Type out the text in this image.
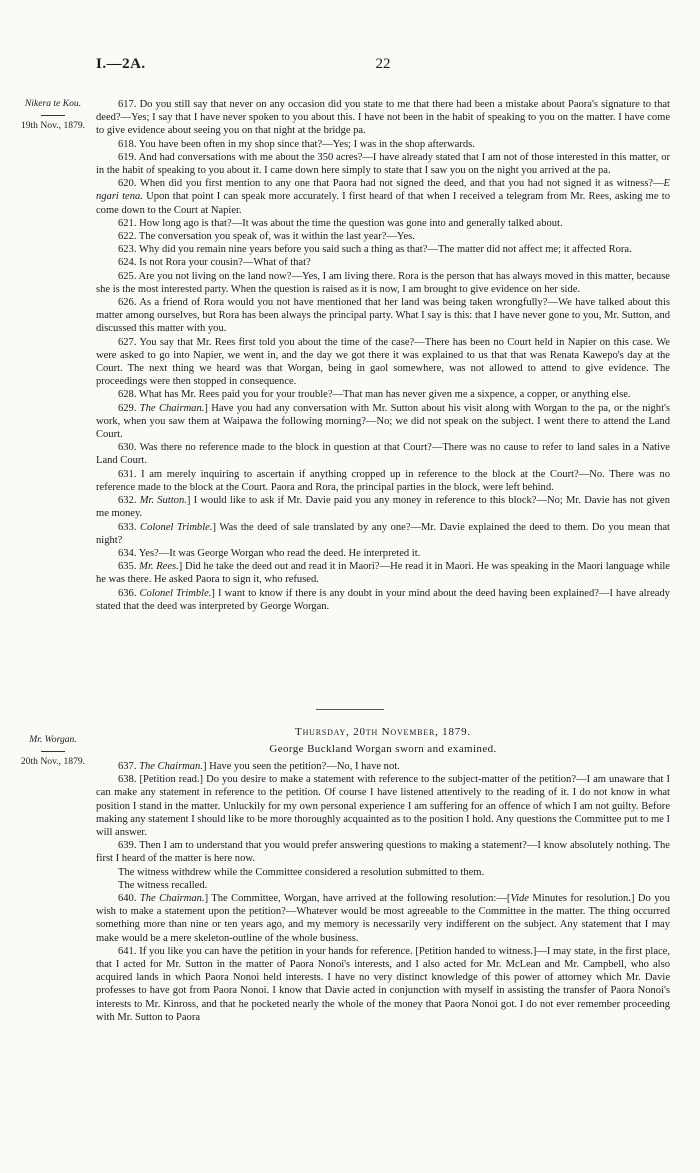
I.—2A.	22
Nikera te Kou.
19th Nov., 1879.

617. Do you still say that never on any occasion did you state to me that there had been a mistake about Paora's signature to that deed?—Yes; I say that I have never spoken to you about this. I have not been in the habit of speaking to you on the matter. I have come to give evidence about seeing you on that night at the bridge pa.

618. You have been often in my shop since that?—Yes; I was in the shop afterwards.

619. And had conversations with me about the 350 acres?—I have already stated that I am not of those interested in this matter, or in the habit of speaking to you about it. I came down here simply to state that I saw you on the night you arrived at the pa.

620. When did you first mention to any one that Paora had not signed the deed, and that you had not signed it as witness?—E ngari tena. Upon that point I can speak more accurately. I first heard of that when I received a telegram from Mr. Rees, asking me to come down to the Court at Napier.

621. How long ago is that?—It was about the time the question was gone into and generally talked about.

622. The conversation you speak of, was it within the last year?—Yes.

623. Why did you remain nine years before you said such a thing as that?—The matter did not affect me; it affected Rora.

624. Is not Rora your cousin?—What of that?

625. Are you not living on the land now?—Yes, I am living there. Rora is the person that has always moved in this matter, because she is the most interested party. When the question is raised as it is now, I am brought to give evidence on her side.

626. As a friend of Rora would you not have mentioned that her land was being taken wrongfully?—We have talked about this matter among ourselves, but Rora has been always the principal party. What I say is this: that I have never gone to you, Mr. Sutton, and discussed this matter with you.

627. You say that Mr. Rees first told you about the time of the case?—There has been no Court held in Napier on this case. We were asked to go into Napier, we went in, and the day we got there it was explained to us that that was Renata Kawepo's day at the Court. The next thing we heard was that Worgan, being in gaol somewhere, was not allowed to attend to give evidence. The proceedings were then stopped in consequence.

628. What has Mr. Rees paid you for your trouble?—That man has never given me a sixpence, a copper, or anything else.

629. The Chairman.] Have you had any conversation with Mr. Sutton about his visit along with Worgan to the pa, or the night's work, when you saw them at Waipawa the following morning?—No; we did not speak on the subject. I went there to attend the Land Court.

630. Was there no reference made to the block in question at that Court?—There was no cause to refer to land sales in a Native Land Court.

631. I am merely inquiring to ascertain if anything cropped up in reference to the block at the Court?—No. There was no reference made to the block at the Court. Paora and Rora, the principal parties in the block, were left behind.

632. Mr. Sutton.] I would like to ask if Mr. Davie paid you any money in reference to this block?—No; Mr. Davie has not given me money.

633. Colonel Trimble.] Was the deed of sale translated by any one?—Mr. Davie explained the deed to them. Do you mean that night?

634. Yes?—It was George Worgan who read the deed. He interpreted it.

635. Mr. Rees.] Did he take the deed out and read it in Maori?—He read it in Maori. He was speaking in the Maori language while he was there. He asked Paora to sign it, who refused.

636. Colonel Trimble.] I want to know if there is any doubt in your mind about the deed having been explained?—I have already stated that the deed was interpreted by George Worgan.

Mr. Worgan.
20th Nov., 1879.
Thursday, 20th November, 1879.
George Buckland Worgan sworn and examined.

637. The Chairman.] Have you seen the petition?—No, I have not.

638. [Petition read.] Do you desire to make a statement with reference to the subject-matter of the petition?—I am unaware that I can make any statement in reference to the petition. Of course I have listened attentively to the reading of it. I do not know in what position I stand in the matter. Unluckily for my own personal experience I am suffering for an offence of which I am not guilty. Before making any statement I should like to be more thoroughly acquainted as to the position I hold. Any questions the Committee put to me I will answer.

639. Then I am to understand that you would prefer answering questions to making a statement?—I know absolutely nothing. The first I heard of the matter is here now.

The witness withdrew while the Committee considered a resolution submitted to them.

The witness recalled.

640. The Chairman.] The Committee, Worgan, have arrived at the following resolution:—[Vide Minutes for resolution.] Do you wish to make a statement upon the petition?—Whatever would be most agreeable to the Committee in the matter. The thing occurred something more than nine or ten years ago, and my memory is necessarily very indifferent on the subject. Any statement that I may make would be a mere skeleton-outline of the whole business.

641. If you like you can have the petition in your hands for reference. [Petition handed to witness.]—I may state, in the first place, that I acted for Mr. Sutton in the matter of Paora Nonoi's interests, and I also acted for Mr. McLean and Mr. Campbell, who also acquired lands in which Paora Nonoi held interests. I have no very distinct knowledge of this power of attorney which Mr. Davie professes to have got from Paora Nonoi. I know that Davie acted in conjunction with myself in assisting the transfer of Paora Nonoi's interests to Mr. Kinross, and that he pocketed nearly the whole of the money that Paora Nonoi got. I do not ever remember proceeding with Mr. Sutton to Paora
